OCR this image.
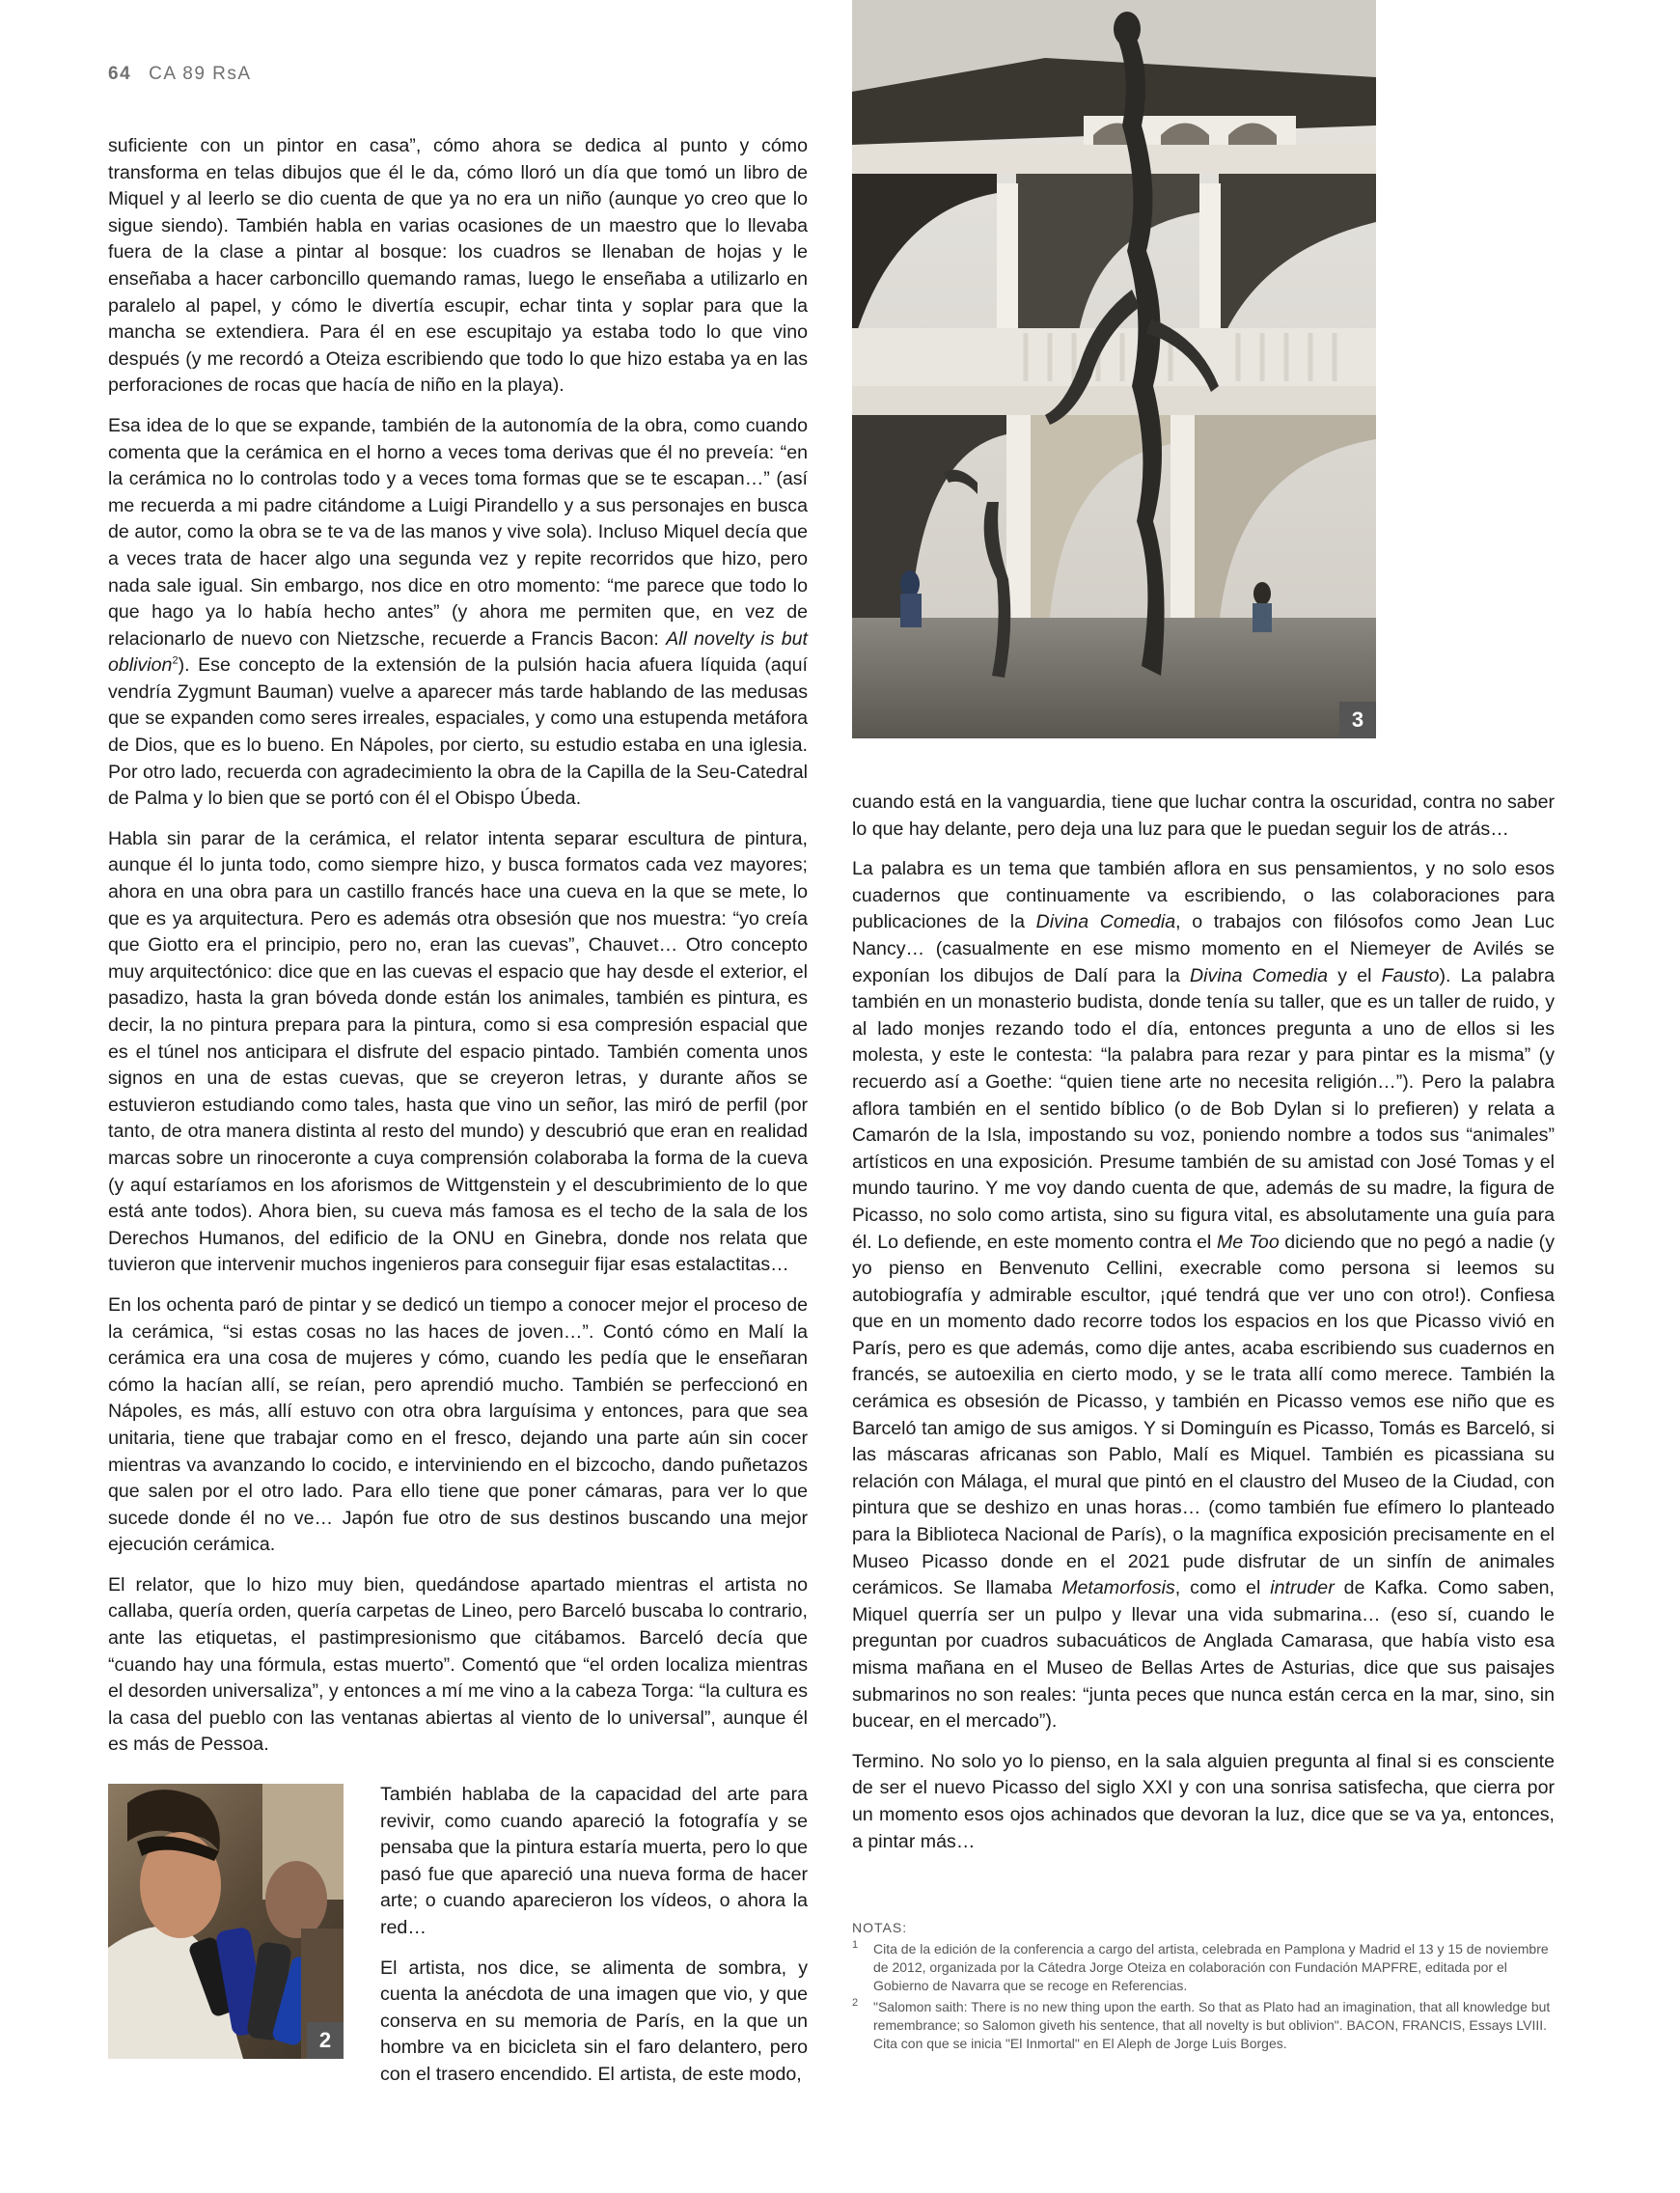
64 CA 89 RsA

suficiente con un pintor en casa”, cómo ahora se dedica al punto y cómo transforma en telas dibujos que él le da, cómo lloró un día que tomó un libro de Miquel y al leerlo se dio cuenta de que ya no era un niño (aunque yo creo que lo sigue siendo). También habla en varias ocasiones de un maestro que lo llevaba fuera de la clase a pintar al bosque: los cuadros se llenaban de hojas y le enseñaba a hacer carboncillo quemando ramas, luego le enseñaba a utilizarlo en paralelo al papel, y cómo le divertía escupir, echar tinta y soplar para que la mancha se extendiera. Para él en ese escupitajo ya estaba todo lo que vino después (y me recordó a Oteiza escribiendo que todo lo que hizo estaba ya en las perforaciones de rocas que hacía de niño en la playa).

Esa idea de lo que se expande, también de la autonomía de la obra, como cuando comenta que la cerámica en el horno a veces toma derivas que él no preveía: “en la cerámica no lo controlas todo y a veces toma formas que se te escapan…” (así me recuerda a mi padre citándome a Luigi Pirandello y a sus personajes en busca de autor, como la obra se te va de las manos y vive sola). Incluso Miquel decía que a veces trata de hacer algo una segunda vez y repite recorridos que hizo, pero nada sale igual. Sin embargo, nos dice en otro momento: “me parece que todo lo que hago ya lo había hecho antes” (y ahora me permiten que, en vez de relacionarlo de nuevo con Nietzsche, recuerde a Francis Bacon: All novelty is but oblivion$^2$). Ese concepto de la extensión de la pulsión hacia afuera líquida (aquí vendría Zygmunt Bauman) vuelve a aparecer más tarde hablando de las medusas que se expanden como seres irreales, espaciales, y como una estupenda metáfora de Dios, que es lo bueno. En Nápoles, por cierto, su estudio estaba en una iglesia. Por otro lado, recuerda con agradecimiento la obra de la Capilla de la Seu-Catedral de Palma y lo bien que se portó con él el Obispo Úbeda.

Habla sin parar de la cerámica, el relator intenta separar escultura de pintura, aunque él lo junta todo, como siempre hizo, y busca formatos cada vez mayores; ahora en una obra para un castillo francés hace una cueva en la que se mete, lo que es ya arquitectura. Pero es además otra obsesión que nos muestra: “yo creía que Giotto era el principio, pero no, eran las cuevas”, Chauvet… Otro concepto muy arquitectónico: dice que en las cuevas el espacio que hay desde el exterior, el pasadizo, hasta la gran bóveda donde están los animales, también es pintura, es decir, la no pintura prepara para la pintura, como si esa compresión espacial que es el túnel nos anticipara el disfrute del espacio pintado. También comenta unos signos en una de estas cuevas, que se creyeron letras, y durante años se estuvieron estudiando como tales, hasta que vino un señor, las miró de perfil (por tanto, de otra manera distinta al resto del mundo) y descubrió que eran en realidad marcas sobre un rinoceronte a cuya comprensión colaboraba la forma de la cueva (y aquí estaríamos en los aforismos de Wittgenstein y el descubrimiento de lo que está ante todos). Ahora bien, su cueva más famosa es el techo de la sala de los Derechos Humanos, del edificio de la ONU en Ginebra, donde nos relata que tuvieron que intervenir muchos ingenieros para conseguir fijar esas estalactitas…

En los ochenta paró de pintar y se dedicó un tiempo a conocer mejor el proceso de la cerámica, “si estas cosas no las haces de joven…”. Contó cómo en Malí la cerámica era una cosa de mujeres y cómo, cuando les pedía que le enseñaran cómo la hacían allí, se reían, pero aprendió mucho. También se perfeccionó en Nápoles, es más, allí estuvo con otra obra larguísima y entonces, para que sea unitaria, tiene que trabajar como en el fresco, dejando una parte aún sin cocer mientras va avanzando lo cocido, e interviniendo en el bizcocho, dando puñetazos que salen por el otro lado. Para ello tiene que poner cámaras, para ver lo que sucede donde él no ve… Japón fue otro de sus destinos buscando una mejor ejecución cerámica.

El relator, que lo hizo muy bien, quedándose apartado mientras el artista no callaba, quería orden, quería carpetas de Lineo, pero Barceló buscaba lo contrario, ante las etiquetas, el pastimpresionismo que citábamos. Barceló decía que “cuando hay una fórmula, estas muerto”. Comentó que “el orden localiza mientras el desorden universaliza”, y entonces a mí me vino a la cabeza Torga: “la cultura es la casa del pueblo con las ventanas abiertas al viento de lo universal”, aunque él es más de Pessoa.

2

También hablaba de la capacidad del arte para revivir, como cuando apareció la fotografía y se pensaba que la pintura estaría muerta, pero lo que pasó fue que apareció una nueva forma de hacer arte; o cuando aparecieron los vídeos, o ahora la red…

El artista, nos dice, se alimenta de sombra, y cuenta la anécdota de una imagen que vio, y que conserva en su memoria de París, en la que un hombre va en bicicleta sin el faro delantero, pero con el trasero encendido. El artista, de este modo,

3

cuando está en la vanguardia, tiene que luchar contra la oscuridad, contra no saber lo que hay delante, pero deja una luz para que le puedan seguir los de atrás…

La palabra es un tema que también aflora en sus pensamientos, y no solo esos cuadernos que continuamente va escribiendo, o las colaboraciones para publicaciones de la Divina Comedia, o trabajos con filósofos como Jean Luc Nancy… (casualmente en ese mismo momento en el Niemeyer de Avilés se exponían los dibujos de Dalí para la Divina Comedia y el Fausto). La palabra también en un monasterio budista, donde tenía su taller, que es un taller de ruido, y al lado monjes rezando todo el día, entonces pregunta a uno de ellos si les molesta, y este le contesta: “la palabra para rezar y para pintar es la misma” (y recuerdo así a Goethe: “quien tiene arte no necesita religión…”). Pero la palabra aflora también en el sentido bíblico (o de Bob Dylan si lo prefieren) y relata a Camarón de la Isla, impostando su voz, poniendo nombre a todos sus “animales” artísticos en una exposición. Presume también de su amistad con José Tomas y el mundo taurino. Y me voy dando cuenta de que, además de su madre, la figura de Picasso, no solo como artista, sino su figura vital, es absolutamente una guía para él. Lo defiende, en este momento contra el Me Too diciendo que no pegó a nadie (y yo pienso en Benvenuto Cellini, execrable como persona si leemos su autobiografía y admirable escultor, ¡qué tendrá que ver uno con otro!). Confiesa que en un momento dado recorre todos los espacios en los que Picasso vivió en París, pero es que además, como dije antes, acaba escribiendo sus cuadernos en francés, se autoexilia en cierto modo, y se le trata allí como merece. También la cerámica es obsesión de Picasso, y también en Picasso vemos ese niño que es Barceló tan amigo de sus amigos. Y si Dominguín es Picasso, Tomás es Barceló, si las máscaras africanas son Pablo, Malí es Miquel. También es picassiana su relación con Málaga, el mural que pintó en el claustro del Museo de la Ciudad, con pintura que se deshizo en unas horas… (como también fue efímero lo planteado para la Biblioteca Nacional de París), o la magnífica exposición precisamente en el Museo Picasso donde en el 2021 pude disfrutar de un sinfín de animales cerámicos. Se llamaba Metamorfosis, como el intruder de Kafka. Como saben, Miquel querría ser un pulpo y llevar una vida submarina… (eso sí, cuando le preguntan por cuadros subacuáticos de Anglada Camarasa, que había visto esa misma mañana en el Museo de Bellas Artes de Asturias, dice que sus paisajes submarinos no son reales: “junta peces que nunca están cerca en la mar, sino, sin bucear, en el mercado”).

Termino. No solo yo lo pienso, en la sala alguien pregunta al final si es consciente de ser el nuevo Picasso del siglo XXI y con una sonrisa satisfecha, que cierra por un momento esos ojos achinados que devoran la luz, dice que se va ya, entonces, a pintar más…

NOTAS:
1 Cita de la edición de la conferencia a cargo del artista, celebrada en Pamplona y Madrid el 13 y 15 de noviembre de 2012, organizada por la Cátedra Jorge Oteiza en colaboración con Fundación MAPFRE, editada por el Gobierno de Navarra que se recoge en Referencias.
2 "Salomon saith: There is no new thing upon the earth. So that as Plato had an imagination, that all knowledge but remembrance; so Salomon giveth his sentence, that all novelty is but oblivion". BACON, FRANCIS, Essays LVIII. Cita con que se inicia "El Inmortal" en El Aleph de Jorge Luis Borges.
